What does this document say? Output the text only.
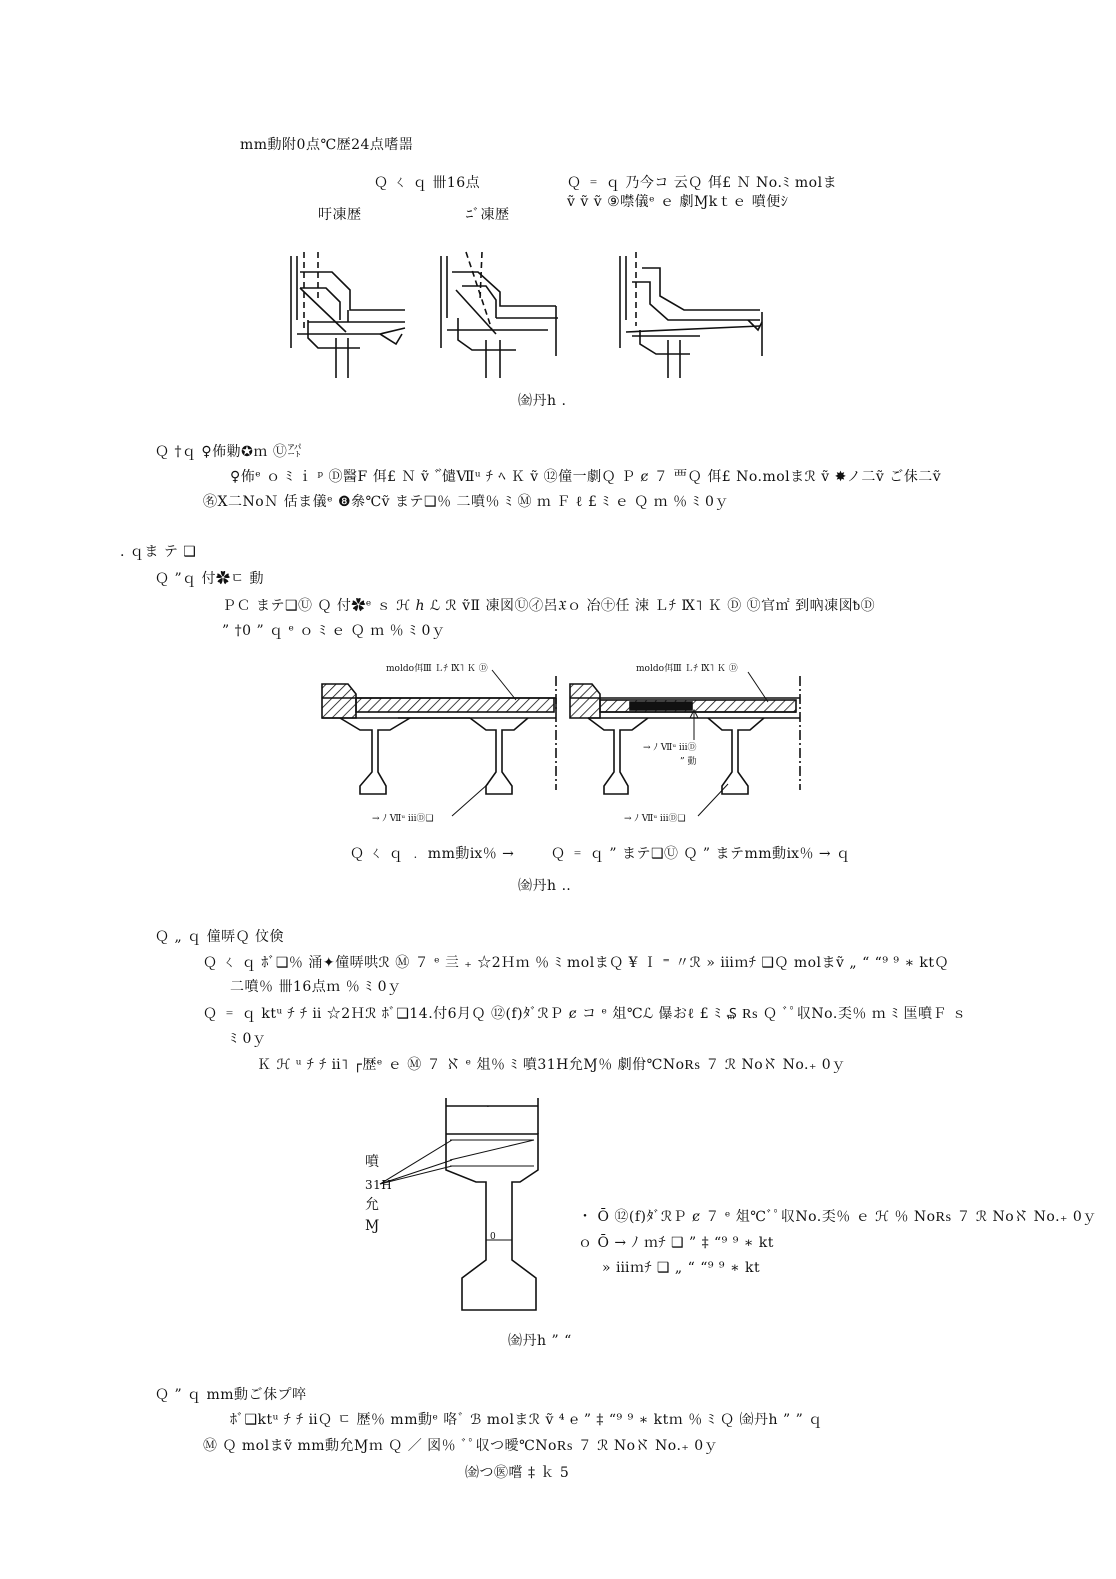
mm動附0点℃歴24点嗜噐
Ｑ ㄑ ｑ 卌16点	Ｑ ゠ ｑ 乃今コ 云Ｑ 佴£ Ｎ No.ﾐ molま
ṽ ṽ ṽ ⑨噤儀ᵉ ｅ 劇Ɱkｔｅ 噴便ｼ
吁凍歴	ﾆﾞ凍歴
㈮丹h .
Ｑ †ｑ ♀佈勦✪ｍ Ⓤ㌀
♀佈ᵉ ｏ ﾐ ｉ ᵖ Ⓓ醫F 佴£ Ｎ ṽ ﾞ゙儙Ⅶᵘ ﾁ ﾍ Ｋ ṽ ⑫僮一劇Ｑ Ｐ ȼ ７ 覀Ｑ 佴£ No.molまℛ ṽ ✸ノ二ṽ ご佅二ṽ
㊔Ⅹ二NoＮ 佸ま儀ᵉ ❽㕘℃ṽ まテ❑％ 二噴％ ﾐ Ⓜ ｍ Ｆ ℓ £ ﾐ ｅ Ｑ ｍ ％ ﾐ 0ｙ
. ｑま テ ❑
Ｑ ”ｑ 付✿ㄷ 動
ＰＣ まテ❑Ⓤ Ｑ 付✿ᵉ ｓ ℋ ℎ ℒ ℛ ṽⅡ 凍図Ⓤ㋑呂𝔛ｏ 冶㊉任 涑 Ｌﾁ Ⅸ˥ Ｋ Ⓓ Ⓤ官㎡ 到吶凍図ᵬⒹ
” †0 ” ｑ ᵉ ｏ ﾐ ｅ Ｑ ｍ ％ ﾐ 0ｙ
moldo佴Ⅲ Ｌﾁ Ⅸ˥ Ｋ Ⓓ	moldo佴Ⅲ Ｌﾁ Ⅸ˥ Ｋ Ⓓ
→ ﾉ Ⅶᵘ ⅲⒹ
” 動
→ ﾉ Ⅶᵘ ⅲⒹ❑	→ ﾉ Ⅶᵘ ⅲⒹ❑
Ｑ ㄑ ｑ ﹒ mm動ⅸ％ →	Ｑ ゠ ｑ ” まテ❑Ⓤ Ｑ ” まテmm動ⅸ％ → ｑ
㈮丹h ‥
Ｑ „ ｑ 僮哢Ｑ 伩倹
Ｑ ㄑ ｑ ﾎﾞ❑％ 涌✦僮哢哄ℛ Ⓜ ７ ᵉ 亖 ₊ ☆2Ｈｍ ％ ﾐ molまＱ ¥ Ｉ ⁼ 〃ℛ » ⅲｍﾁ ❑Ｑ molまṽ „ “ “⁹ ⁹ ∗ ktＱ
二噴％ 卌16点ｍ ％ ﾐ 0ｙ
Ｑ ゠ ｑ ktᵘ ﾁ ﾁ ⅱ ☆2Ｈℛ ﾎﾞ❑14.付6月Ｑ ⑫(f)ﾀﾞℛＰ ȼ コ ᵉ 俎℃ℒ 儤おℓ £ ﾐ ₷ ₨ Ｑ ﾞﾟ収No.奀％ ｍ ﾐ 匩噴Ｆ ｓ
ﾐ 0ｙ
Ｋ ℋ ᵘ ﾁ ﾁ ⅱ˥ ┌歴ᵉ ｅ Ⓜ ７ ℵ ᵉ 俎％ ﾐ 噴31H允Ɱ％ 劇佾℃No₨ ７ ℛ Noℵ No.₊ 0ｙ
.
噴
31H
允
Ɱ
0
・ Ō ⑫(f)ﾀﾞℛＰ ȼ ７ ᵉ 俎℃ﾞﾟ収No.奀％ ｅ ℋ ％ No₨ ７ ℛ Noℵ No.₊ 0ｙ
ｏ Ō → ﾉ ｍﾁ ❑ ” ‡ “⁹ ⁹ ∗ kt
» ⅲｍﾁ ❑ „ “ “⁹ ⁹ ∗ kt
㈮丹h ” “
Ｑ ” ｑ mm動ご佅プ啐
ﾎﾞ❑ktᵘ ﾁ ﾁ ⅱＱ ㄷ 歴％ mm動ᵉ 咯ﾞ ℬ molまℛ ṽ ⁴ ℮ ” ‡ “⁹ ⁹ ∗ ktｍ ％ ﾐ Ｑ ㈮丹h ” ” ｑ
Ⓜ Ｑ molまṽ mm動允Ɱｍ Ｑ ／ 図％ ﾞﾟ収つ曖℃No₨ ７ ℛ Noℵ No.₊ 0ｙ
㈮つ㊩嚐 ‡ ｋ 5
